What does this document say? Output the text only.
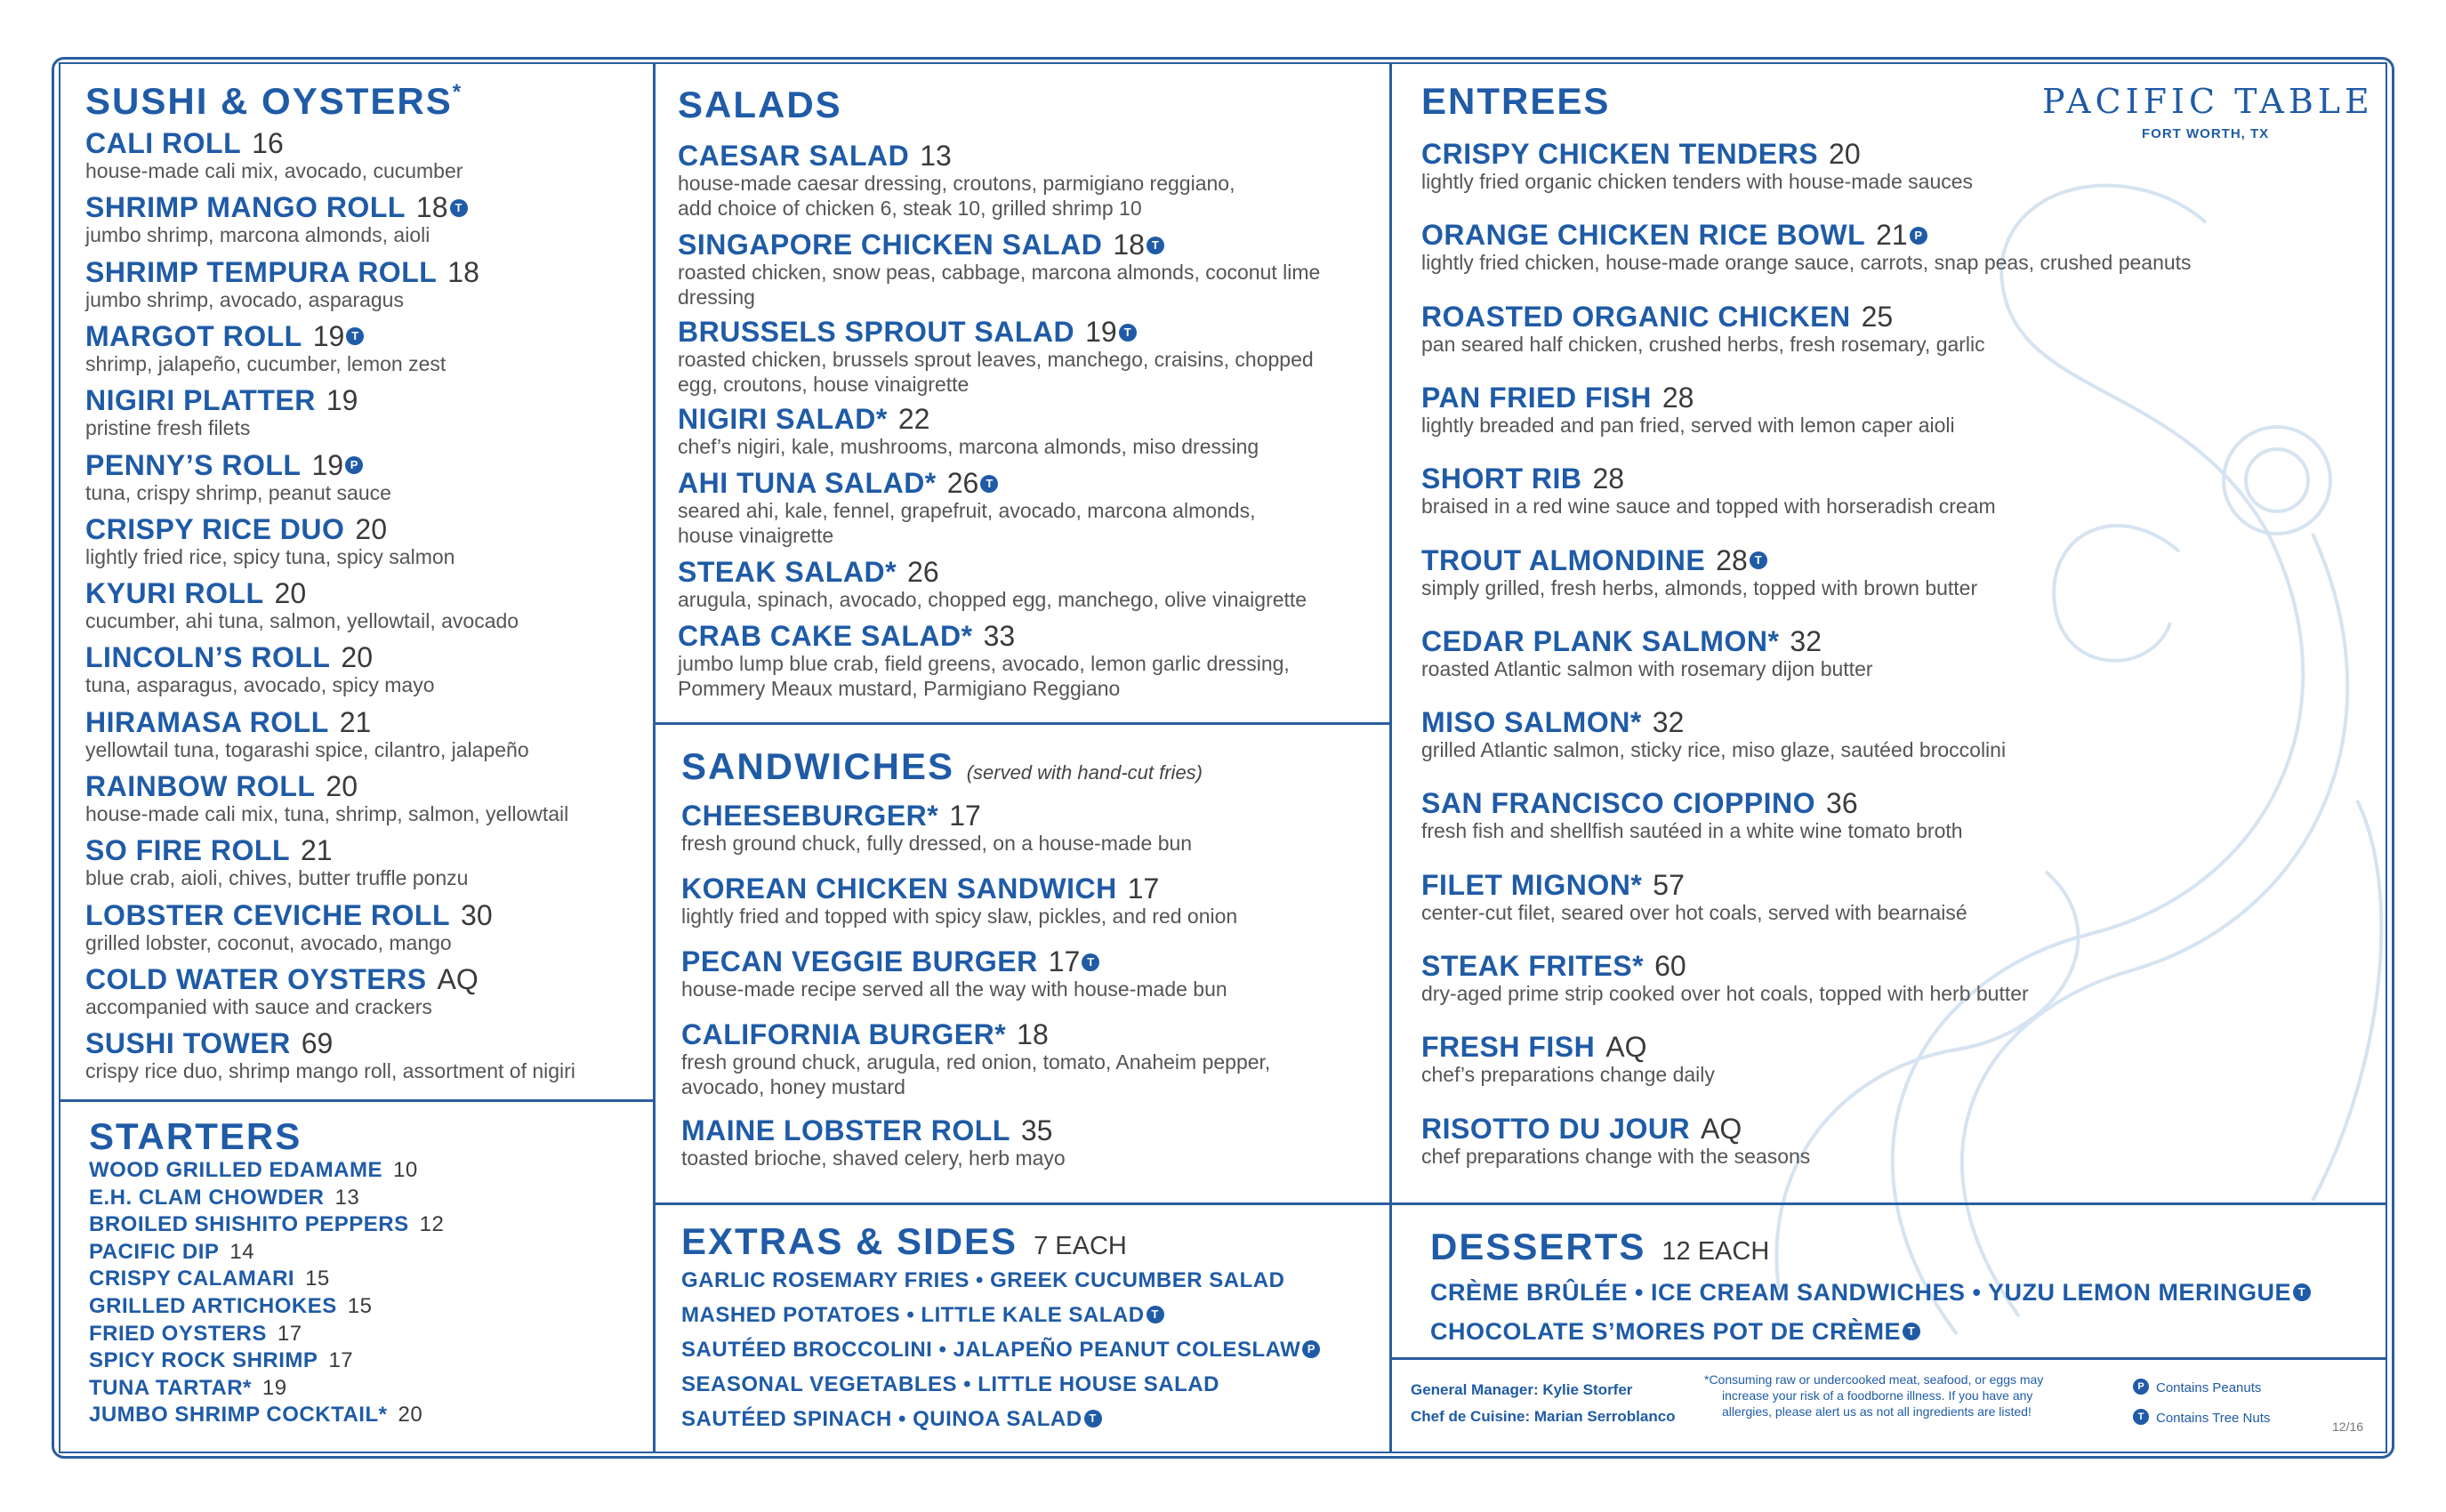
PACIFIC TABLE
FORT WORTH, TX
SUSHI & OYSTERS*
CALI ROLL 16
house-made cali mix, avocado, cucumber
SHRIMP MANGO ROLL 18 T
jumbo shrimp, marcona almonds, aioli
SHRIMP TEMPURA ROLL 18
jumbo shrimp, avocado, asparagus
MARGOT ROLL 19 T
shrimp, jalapeño, cucumber, lemon zest
NIGIRI PLATTER 19
pristine fresh filets
PENNY’S ROLL 19 P
tuna, crispy shrimp, peanut sauce
CRISPY RICE DUO 20
lightly fried rice, spicy tuna, spicy salmon
KYURI ROLL 20
cucumber, ahi tuna, salmon, yellowtail, avocado
LINCOLN’S ROLL 20
tuna, asparagus, avocado, spicy mayo
HIRAMASA ROLL 21
yellowtail tuna, togarashi spice, cilantro, jalapeño
RAINBOW ROLL 20
house-made cali mix, tuna, shrimp, salmon, yellowtail
SO FIRE ROLL 21
blue crab, aioli, chives, butter truffle ponzu
LOBSTER CEVICHE ROLL 30
grilled lobster, coconut, avocado, mango
COLD WATER OYSTERS AQ
accompanied with sauce and crackers
SUSHI TOWER 69
crispy rice duo, shrimp mango roll, assortment of nigiri
STARTERS
WOOD GRILLED EDAMAME 10
E.H. CLAM CHOWDER 13
BROILED SHISHITO PEPPERS 12
PACIFIC DIP 14
CRISPY CALAMARI 15
GRILLED ARTICHOKES 15
FRIED OYSTERS 17
SPICY ROCK SHRIMP 17
TUNA TARTAR* 19
JUMBO SHRIMP COCKTAIL* 20
SALADS
CAESAR SALAD 13
house-made caesar dressing, croutons, parmigiano reggiano,
add choice of chicken 6, steak 10, grilled shrimp 10
SINGAPORE CHICKEN SALAD 18 T
roasted chicken, snow peas, cabbage, marcona almonds, coconut lime
dressing
BRUSSELS SPROUT SALAD 19 T
roasted chicken, brussels sprout leaves, manchego, craisins, chopped
egg, croutons, house vinaigrette
NIGIRI SALAD* 22
chef’s nigiri, kale, mushrooms, marcona almonds, miso dressing
AHI TUNA SALAD* 26 T
seared ahi, kale, fennel, grapefruit, avocado, marcona almonds,
house vinaigrette
STEAK SALAD* 26
arugula, spinach, avocado, chopped egg, manchego, olive vinaigrette
CRAB CAKE SALAD* 33
jumbo lump blue crab, field greens, avocado, lemon garlic dressing,
Pommery Meaux mustard, Parmigiano Reggiano
SANDWICHES (served with hand-cut fries)
CHEESEBURGER* 17
fresh ground chuck, fully dressed, on a house-made bun
KOREAN CHICKEN SANDWICH 17
lightly fried and topped with spicy slaw, pickles, and red onion
PECAN VEGGIE BURGER 17 T
house-made recipe served all the way with house-made bun
CALIFORNIA BURGER* 18
fresh ground chuck, arugula, red onion, tomato, Anaheim pepper,
avocado, honey mustard
MAINE LOBSTER ROLL 35
toasted brioche, shaved celery, herb mayo
EXTRAS & SIDES 7 EACH
GARLIC ROSEMARY FRIES • GREEK CUCUMBER SALAD
MASHED POTATOES • LITTLE KALE SALAD T
SAUTÉED BROCCOLINI • JALAPEÑO PEANUT COLESLAW P
SEASONAL VEGETABLES • LITTLE HOUSE SALAD
SAUTÉED SPINACH • QUINOA SALAD T
ENTREES
CRISPY CHICKEN TENDERS 20
lightly fried organic chicken tenders with house-made sauces
ORANGE CHICKEN RICE BOWL 21 P
lightly fried chicken, house-made orange sauce, carrots, snap peas, crushed peanuts
ROASTED ORGANIC CHICKEN 25
pan seared half chicken, crushed herbs, fresh rosemary, garlic
PAN FRIED FISH 28
lightly breaded and pan fried, served with lemon caper aioli
SHORT RIB 28
braised in a red wine sauce and topped with horseradish cream
TROUT ALMONDINE 28 T
simply grilled, fresh herbs, almonds, topped with brown butter
CEDAR PLANK SALMON* 32
roasted Atlantic salmon with rosemary dijon butter
MISO SALMON* 32
grilled Atlantic salmon, sticky rice, miso glaze, sautéed broccolini
SAN FRANCISCO CIOPPINO 36
fresh fish and shellfish sautéed in a white wine tomato broth
FILET MIGNON* 57
center-cut filet, seared over hot coals, served with bearnaisé
STEAK FRITES* 60
dry-aged prime strip cooked over hot coals, topped with herb butter
FRESH FISH AQ
chef’s preparations change daily
RISOTTO DU JOUR AQ
chef preparations change with the seasons
DESSERTS 12 EACH
CRÈME BRÛLÉE • ICE CREAM SANDWICHES • YUZU LEMON MERINGUE T
CHOCOLATE S’MORES POT DE CRÈME T
General Manager: Kylie Storfer
Chef de Cuisine: Marian Serroblanco
*Consuming raw or undercooked meat, seafood, or eggs may
increase your risk of a foodborne illness. If you have any
allergies, please alert us as not all ingredients are listed!
P Contains Peanuts
T Contains Tree Nuts
12/16
